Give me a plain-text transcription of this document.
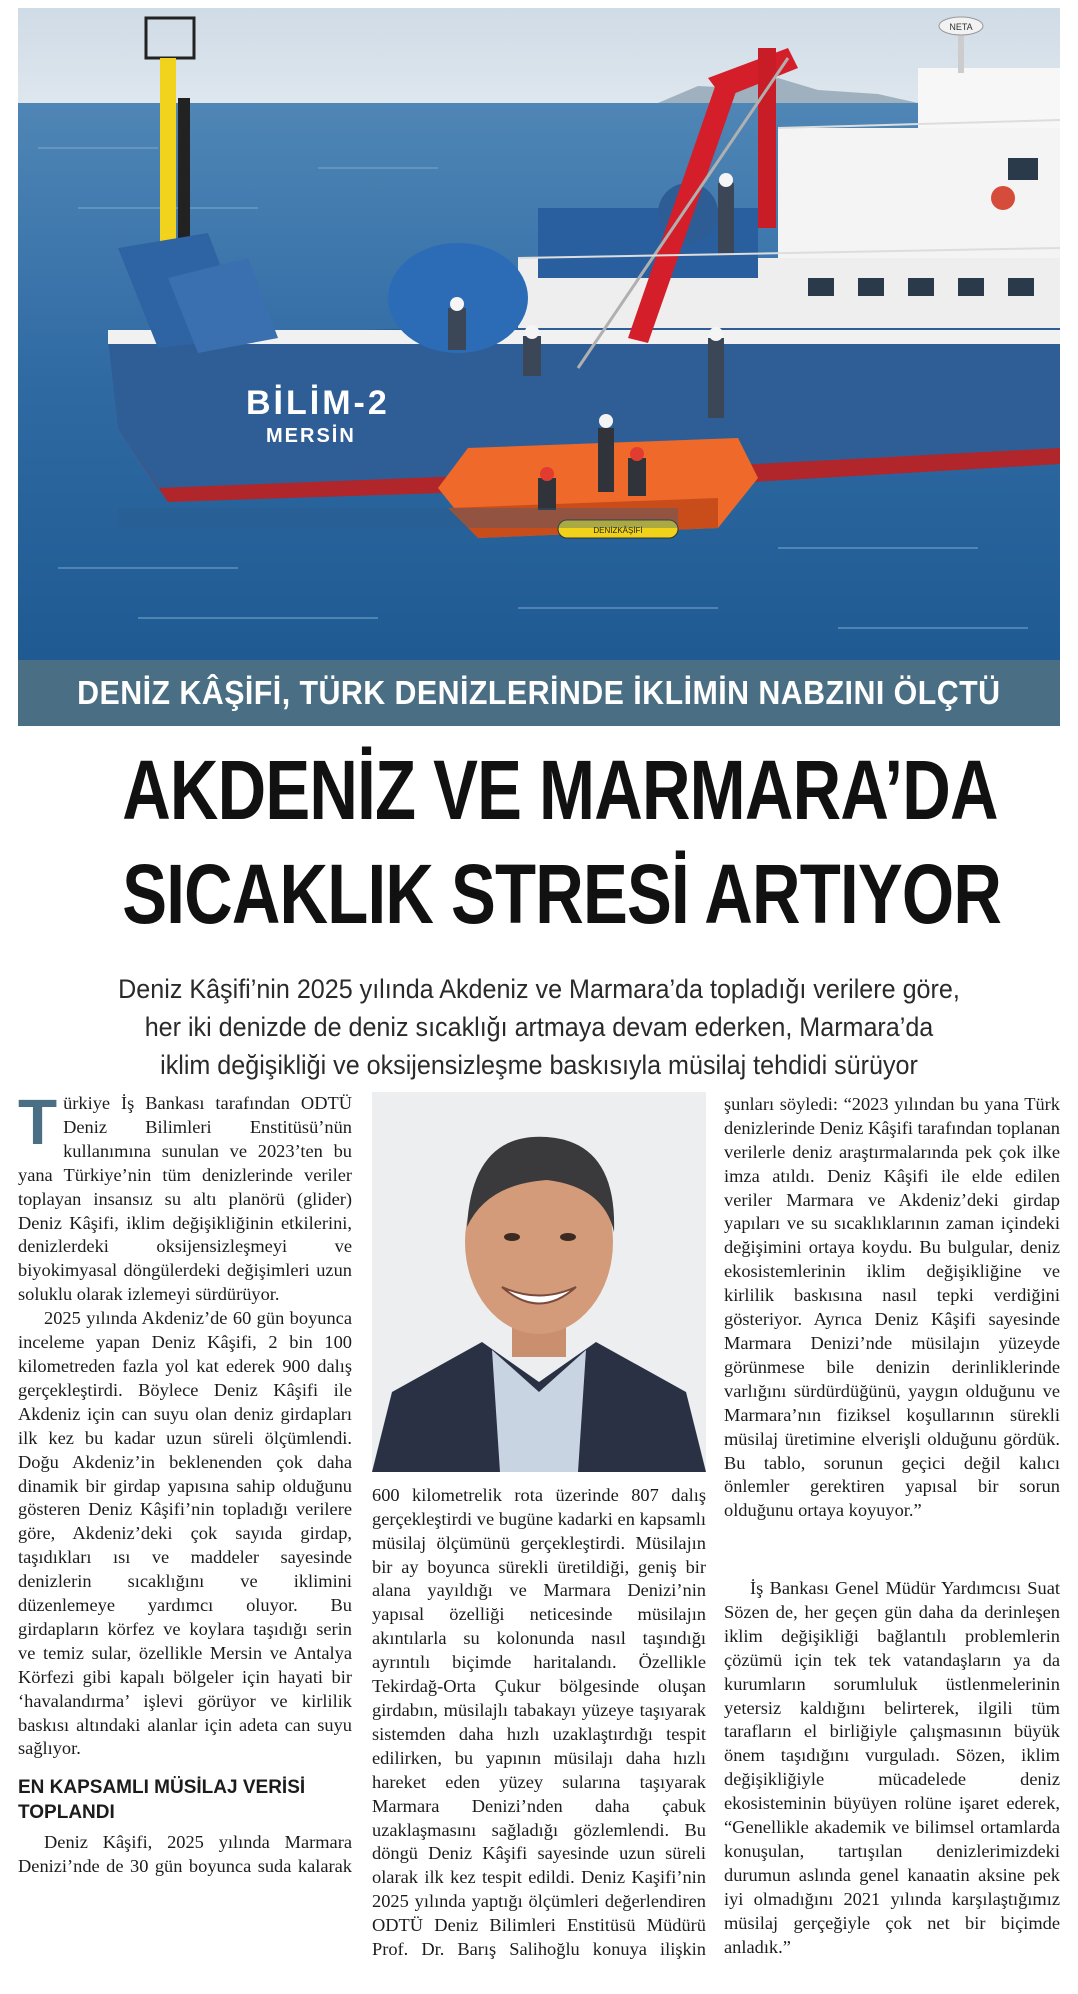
NETA
BİLİM-2
MERSİN
DENİZKÂŞİFİ
DENİZ KÂŞİFİ, TÜRK DENİZLERİNDE İKLİMİN NABZINI ÖLÇTÜ
AKDENİZ VE MARMARA’DA
SICAKLIK STRESİ ARTIYOR
Deniz Kâşifi’nin 2025 yılında Akdeniz ve Marmara’da topladığı verilere göre,
her iki denizde de deniz sıcaklığı artmaya devam ederken, Marmara’da
iklim değişikliği ve oksijensizleşme baskısıyla müsilaj tehdidi sürüyor

Türkiye İş Bankası tarafından ODTÜ Deniz Bilimleri Enstitüsü’nün kullanımına sunulan ve 2023’ten bu yana Türkiye’nin tüm denizlerinde veriler toplayan insansız su altı planörü (glider) Deniz Kâşifi, iklim değişikliğinin etkilerini, denizlerdeki oksijensizleşmeyi ve biyokimyasal döngülerdeki değişimleri uzun soluklu olarak izlemeyi sürdürüyor.

2025 yılında Akdeniz’de 60 gün boyunca inceleme yapan Deniz Kâşifi, 2 bin 100 kilometreden fazla yol kat ederek 900 dalış gerçekleştirdi. Böylece Deniz Kâşifi ile Akdeniz için can suyu olan deniz girdapları ilk kez bu kadar uzun süreli ölçümlendi. Doğu Akdeniz’in beklenenden çok daha dinamik bir girdap yapısına sahip olduğunu gösteren Deniz Kâşifi’nin topladığı verilere göre, Akdeniz’deki çok sayıda girdap, taşıdıkları ısı ve maddeler sayesinde denizlerin sıcaklığını ve iklimini düzenlemeye yardımcı oluyor. Bu girdapların körfez ve koylara taşıdığı serin ve temiz sular, özellikle Mersin ve Antalya Körfezi gibi kapalı bölgeler için hayati bir ‘havalandırma’ işlevi görüyor ve kirlilik baskısı altındaki alanlar için adeta can suyu sağlıyor.

EN KAPSAMLI MÜSİLAJ VERİSİ TOPLANDI

Deniz Kâşifi, 2025 yılında Marmara Denizi’nde de 30 gün boyunca suda kalarak

600 kilometrelik rota üzerinde 807 dalış gerçekleştirdi ve bugüne kadarki en kapsamlı müsilaj ölçümünü gerçekleştirdi. Müsilajın bir ay boyunca sürekli üretildiği, geniş bir alana yayıldığı ve Marmara Denizi’nin yapısal özelliği neticesinde müsilajın akıntılarla su kolonunda nasıl taşındığı ayrıntılı biçimde haritalandı. Özellikle Tekirdağ-Orta Çukur bölgesinde oluşan girdabın, müsilajlı tabakayı yüzeye taşıyarak sistemden daha hızlı uzaklaştırdığı tespit edilirken, bu yapının müsilajı daha hızlı hareket eden yüzey sularına taşıyarak Marmara Denizi’nden daha çabuk uzaklaşmasını sağladığı gözlemlendi. Bu döngü Deniz Kâşifi sayesinde uzun süreli olarak ilk kez tespit edildi. Deniz Kaşifi’nin 2025 yılında yaptığı ölçümleri değerlendiren ODTÜ Deniz Bilimleri Enstitüsü Müdürü Prof. Dr. Barış Salihoğlu konuya ilişkin

şunları söyledi: “2023 yılından bu yana Türk denizlerinde Deniz Kâşifi tarafından toplanan verilerle deniz araştırmalarında pek çok ilke imza atıldı. Deniz Kâşifi ile elde edilen veriler Marmara ve Akdeniz’deki girdap yapıları ve su sıcaklıklarının zaman içindeki değişimini ortaya koydu. Bu bulgular, deniz ekosistemlerinin iklim değişikliğine ve kirlilik baskısına nasıl tepki verdiğini gösteriyor. Ayrıca Deniz Kâşifi sayesinde Marmara Denizi’nde müsilajın yüzeyde görünmese bile denizin derinliklerinde varlığını sürdürdüğünü, yaygın olduğunu ve Marmara’nın fiziksel koşullarının sürekli müsilaj üretimine elverişli olduğunu gördük. Bu tablo, sorunun geçici değil kalıcı önlemler gerektiren yapısal bir sorun olduğunu ortaya koyuyor.”

İş Bankası Genel Müdür Yardımcısı Suat Sözen de, her geçen gün daha da derinleşen iklim değişikliği bağlantılı problemlerin çözümü için tek tek vatandaşların ya da kurumların sorumluluk üstlenmelerinin yetersiz kaldığını belirterek, ilgili tüm tarafların el birliğiyle çalışmasının büyük önem taşıdığını vurguladı. Sözen, iklim değişikliğiyle mücadelede deniz ekosisteminin büyüyen rolüne işaret ederek, “Genellikle akademik ve bilimsel ortamlarda konuşulan, tartışılan denizlerimizdeki durumun aslında genel kanaatin aksine pek iyi olmadığını 2021 yılında karşılaştığımız müsilaj gerçeğiyle çok net bir biçimde anladık.”
